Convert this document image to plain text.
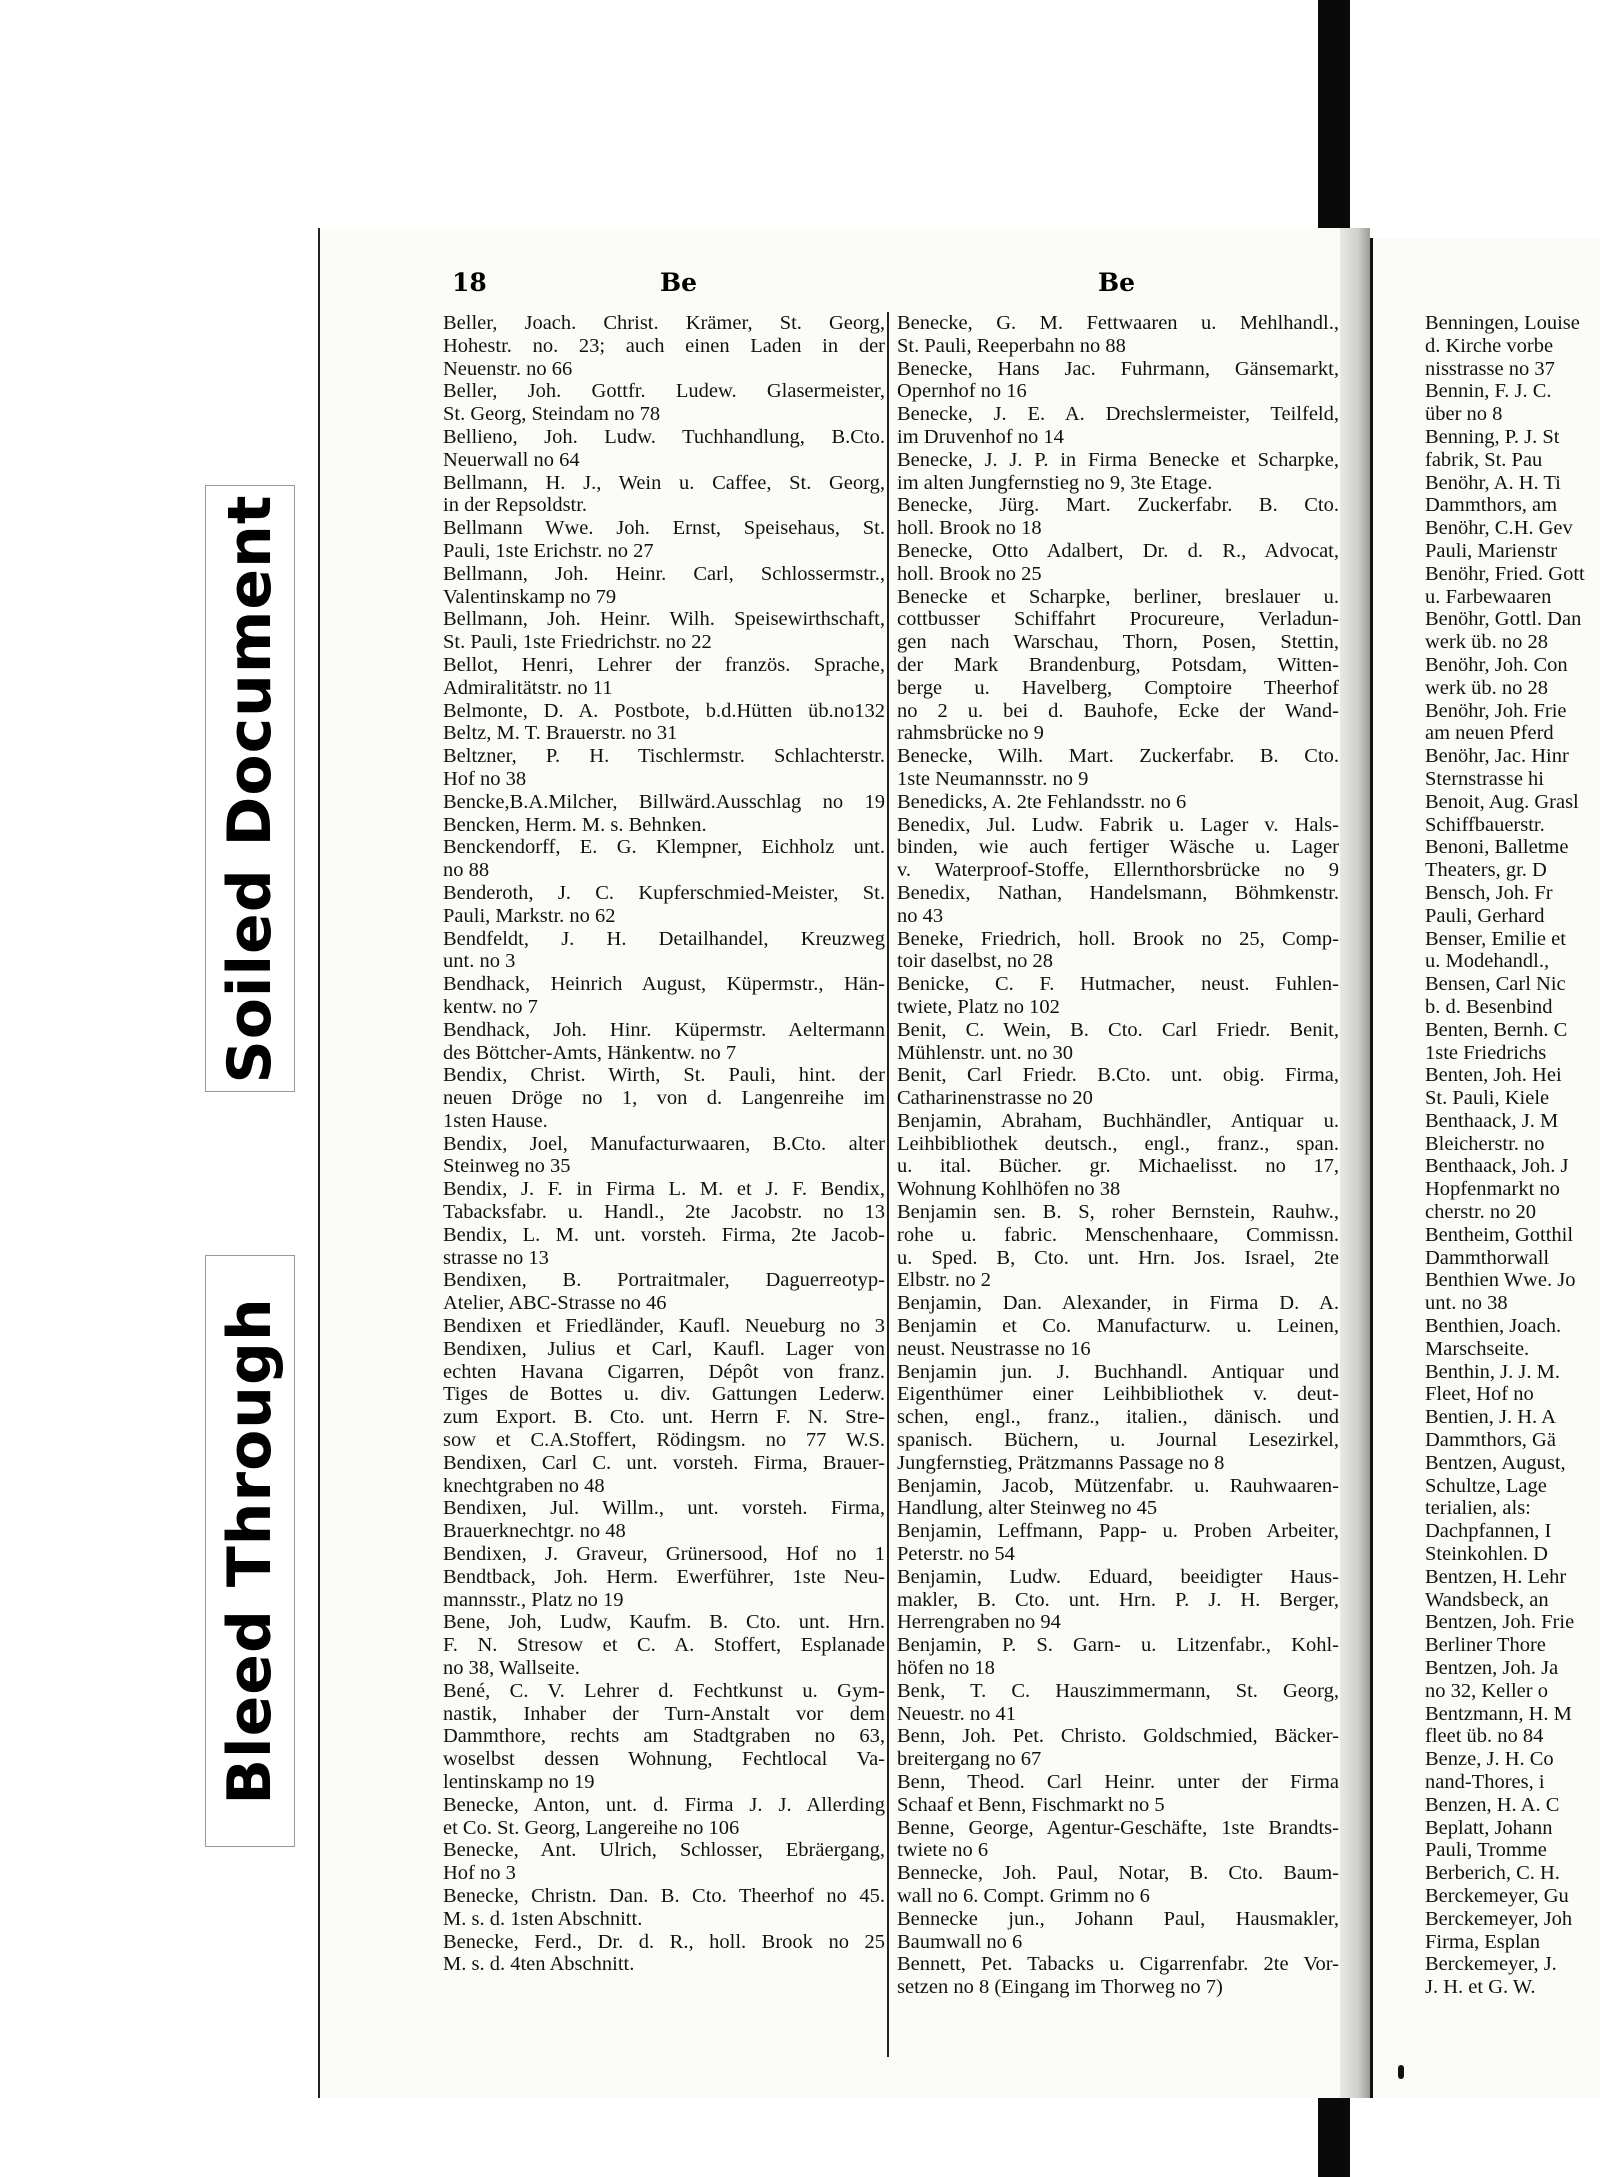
Soiled Document
Bleed Through
18	Be	Be
Beller, Joach. Christ. Krämer, St. Georg,
Hohestr. no. 23; auch einen Laden in der
Neuenstr. no 66
Beller, Joh. Gottfr. Ludew. Glasermeister,
St. Georg, Steindam no 78
Bellieno, Joh. Ludw. Tuchhandlung, B.Cto.
Neuerwall no 64
Bellmann, H. J., Wein u. Caffee, St. Georg,
in der Repsoldstr.
Bellmann Wwe. Joh. Ernst, Speisehaus, St.
Pauli, 1ste Erichstr. no 27
Bellmann, Joh. Heinr. Carl, Schlossermstr.,
Valentinskamp no 79
Bellmann, Joh. Heinr. Wilh. Speisewirthschaft,
St. Pauli, 1ste Friedrichstr. no 22
Bellot, Henri, Lehrer der französ. Sprache,
Admiralitätstr. no 11
Belmonte, D. A. Postbote, b.d.Hütten üb.no132
Beltz, M. T. Brauerstr. no 31
Beltzner, P. H. Tischlermstr. Schlachterstr.
Hof no 38
Bencke,B.A.Milcher, Billwärd.Ausschlag no 19
Bencken, Herm. M. s. Behnken.
Benckendorff, E. G. Klempner, Eichholz unt.
no 88
Benderoth, J. C. Kupferschmied-Meister, St.
Pauli, Markstr. no 62
Bendfeldt, J. H. Detailhandel, Kreuzweg
unt. no 3
Bendhack, Heinrich August, Küpermstr., Hän-
kentw. no 7
Bendhack, Joh. Hinr. Küpermstr. Aeltermann
des Böttcher-Amts, Hänkentw. no 7
Bendix, Christ. Wirth, St. Pauli, hint. der
neuen Dröge no 1, von d. Langenreihe im
1sten Hause.
Bendix, Joel, Manufacturwaaren, B.Cto. alter
Steinweg no 35
Bendix, J. F. in Firma L. M. et J. F. Bendix,
Tabacksfabr. u. Handl., 2te Jacobstr. no 13
Bendix, L. M. unt. vorsteh. Firma, 2te Jacob-
strasse no 13
Bendixen, B. Portraitmaler, Daguerreotyp-
Atelier, ABC-Strasse no 46
Bendixen et Friedländer, Kaufl. Neueburg no 3
Bendixen, Julius et Carl, Kaufl. Lager von
echten Havana Cigarren, Dépôt von franz.
Tiges de Bottes u. div. Gattungen Lederw.
zum Export. B. Cto. unt. Herrn F. N. Stre-
sow et C.A.Stoffert, Rödingsm. no 77 W.S.
Bendixen, Carl C. unt. vorsteh. Firma, Brauer-
knechtgraben no 48
Bendixen, Jul. Willm., unt. vorsteh. Firma,
Brauerknechtgr. no 48
Bendixen, J. Graveur, Grünersood, Hof no 1
Bendtback, Joh. Herm. Ewerführer, 1ste Neu-
mannsstr., Platz no 19
Bene, Joh, Ludw, Kaufm. B. Cto. unt. Hrn.
F. N. Stresow et C. A. Stoffert, Esplanade
no 38, Wallseite.
Bené, C. V. Lehrer d. Fechtkunst u. Gym-
nastik, Inhaber der Turn-Anstalt vor dem
Dammthore, rechts am Stadtgraben no 63,
woselbst dessen Wohnung, Fechtlocal Va-
lentinskamp no 19
Benecke, Anton, unt. d. Firma J. J. Allerding
et Co. St. Georg, Langereihe no 106
Benecke, Ant. Ulrich, Schlosser, Ebräergang,
Hof no 3
Benecke, Christn. Dan. B. Cto. Theerhof no 45.
M. s. d. 1sten Abschnitt.
Benecke, Ferd., Dr. d. R., holl. Brook no 25
M. s. d. 4ten Abschnitt.
Benecke, G. M. Fettwaaren u. Mehlhandl.,
St. Pauli, Reeperbahn no 88
Benecke, Hans Jac. Fuhrmann, Gänsemarkt,
Opernhof no 16
Benecke, J. E. A. Drechslermeister, Teilfeld,
im Druvenhof no 14
Benecke, J. J. P. in Firma Benecke et Scharpke,
im alten Jungfernstieg no 9, 3te Etage.
Benecke, Jürg. Mart. Zuckerfabr. B. Cto.
holl. Brook no 18
Benecke, Otto Adalbert, Dr. d. R., Advocat,
holl. Brook no 25
Benecke et Scharpke, berliner, breslauer u.
cottbusser Schiffahrt Procureure, Verladun-
gen nach Warschau, Thorn, Posen, Stettin,
der Mark Brandenburg, Potsdam, Witten-
berge u. Havelberg, Comptoire Theerhof
no 2 u. bei d. Bauhofe, Ecke der Wand-
rahmsbrücke no 9
Benecke, Wilh. Mart. Zuckerfabr. B. Cto.
1ste Neumannsstr. no 9
Benedicks, A. 2te Fehlandsstr. no 6
Benedix, Jul. Ludw. Fabrik u. Lager v. Hals-
binden, wie auch fertiger Wäsche u. Lager
v. Waterproof-Stoffe, Ellernthorsbrücke no 9
Benedix, Nathan, Handelsmann, Böhmkenstr.
no 43
Beneke, Friedrich, holl. Brook no 25, Comp-
toir daselbst, no 28
Benicke, C. F. Hutmacher, neust. Fuhlen-
twiete, Platz no 102
Benit, C. Wein, B. Cto. Carl Friedr. Benit,
Mühlenstr. unt. no 30
Benit, Carl Friedr. B.Cto. unt. obig. Firma,
Catharinenstrasse no 20
Benjamin, Abraham, Buchhändler, Antiquar u.
Leihbibliothek deutsch., engl., franz., span.
u. ital. Bücher. gr. Michaelisst. no 17,
Wohnung Kohlhöfen no 38
Benjamin sen. B. S, roher Bernstein, Rauhw.,
rohe u. fabric. Menschenhaare, Commissn.
u. Sped. B, Cto. unt. Hrn. Jos. Israel, 2te
Elbstr. no 2
Benjamin, Dan. Alexander, in Firma D. A.
Benjamin et Co. Manufacturw. u. Leinen,
neust. Neustrasse no 16
Benjamin jun. J. Buchhandl. Antiquar und
Eigenthümer einer Leihbibliothek v. deut-
schen, engl., franz., italien., dänisch. und
spanisch. Büchern, u. Journal Lesezirkel,
Jungfernstieg, Prätzmanns Passage no 8
Benjamin, Jacob, Mützenfabr. u. Rauhwaaren-
Handlung, alter Steinweg no 45
Benjamin, Leffmann, Papp- u. Proben Arbeiter,
Peterstr. no 54
Benjamin, Ludw. Eduard, beeidigter Haus-
makler, B. Cto. unt. Hrn. P. J. H. Berger,
Herrengraben no 94
Benjamin, P. S. Garn- u. Litzenfabr., Kohl-
höfen no 18
Benk, T. C. Hauszimmermann, St. Georg,
Neuestr. no 41
Benn, Joh. Pet. Christo. Goldschmied, Bäcker-
breitergang no 67
Benn, Theod. Carl Heinr. unter der Firma
Schaaf et Benn, Fischmarkt no 5
Benne, George, Agentur-Geschäfte, 1ste Brandts-
twiete no 6
Bennecke, Joh. Paul, Notar, B. Cto. Baum-
wall no 6. Compt. Grimm no 6
Bennecke jun., Johann Paul, Hausmakler,
Baumwall no 6
Bennett, Pet. Tabacks u. Cigarrenfabr. 2te Vor-
setzen no 8 (Eingang im Thorweg no 7)
Benningen, Louise
d. Kirche vorbe
nisstrasse no 37
Bennin, F. J. C.
über no 8
Benning, P. J. St
fabrik, St. Pau
Benöhr, A. H. Ti
Dammthors, am
Benöhr, C.H. Gev
Pauli, Marienstr
Benöhr, Fried. Gott
u. Farbewaaren
Benöhr, Gottl. Dan
werk üb. no 28
Benöhr, Joh. Con
werk üb. no 28
Benöhr, Joh. Frie
am neuen Pferd
Benöhr, Jac. Hinr
Sternstrasse hi
Benoit, Aug. Grasl
Schiffbauerstr.
Benoni, Balletme
Theaters, gr. D
Bensch, Joh. Fr
Pauli, Gerhard
Benser, Emilie et
u. Modehandl.,
Bensen, Carl Nic
b. d. Besenbind
Benten, Bernh. C
1ste Friedrichs
Benten, Joh. Hei
St. Pauli, Kiele
Benthaack, J. M
Bleicherstr. no
Benthaack, Joh. J
Hopfenmarkt no
cherstr. no 20
Bentheim, Gotthil
Dammthorwall
Benthien Wwe. Jo
unt. no 38
Benthien, Joach.
Marschseite.
Benthin, J. J. M.
Fleet, Hof no
Bentien, J. H. A
Dammthors, Gä
Bentzen, August,
Schultze, Lage
terialien, als:
Dachpfannen, I
Steinkohlen. D
Bentzen, H. Lehr
Wandsbeck, an
Bentzen, Joh. Frie
Berliner Thore
Bentzen, Joh. Ja
no 32, Keller o
Bentzmann, H. M
fleet üb. no 84
Benze, J. H. Co
nand-Thores, i
Benzen, H. A. C
Beplatt, Johann
Pauli, Tromme
Berberich, C. H.
Berckemeyer, Gu
Berckemeyer, Joh
Firma, Esplan
Berckemeyer, J.
J. H. et G. W.
